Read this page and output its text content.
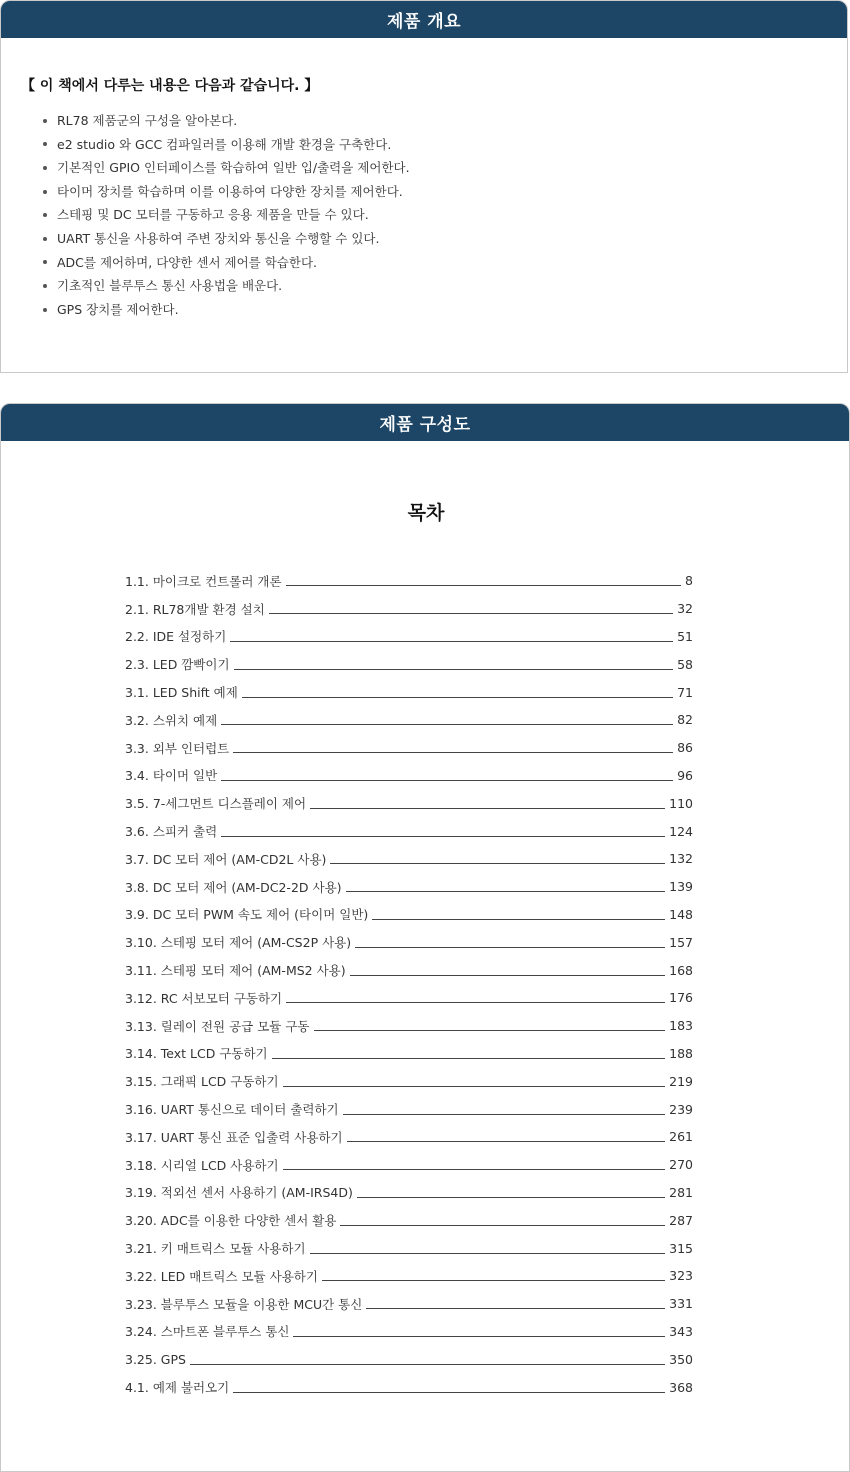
제품 개요
【 이 책에서 다루는 내용은 다음과 같습니다. 】
RL78 제품군의 구성을 알아본다.
e2 studio 와 GCC 컴파일러를 이용해 개발 환경을 구축한다.
기본적인 GPIO 인터페이스를 학습하여 일반 입/출력을 제어한다.
타이머 장치를 학습하며 이를 이용하여 다양한 장치를 제어한다.
스테핑 및 DC 모터를 구동하고 응용 제품을 만들 수 있다.
UART 통신을 사용하여 주변 장치와 통신을 수행할 수 있다.
ADC를 제어하며, 다양한 센서 제어를 학습한다.
기초적인 블루투스 통신 사용법을 배운다.
GPS 장치를 제어한다.
제품 구성도
목차
1.1. 마이크로 컨트롤러 개론	8
2.1. RL78개발 환경 설치	32
2.2. IDE 설정하기	51
2.3. LED 깜빡이기	58
3.1. LED Shift 예제	71
3.2. 스위치 예제	82
3.3. 외부 인터럽트	86
3.4. 타이머 일반	96
3.5. 7-세그먼트 디스플레이 제어	110
3.6. 스피커 출력	124
3.7. DC 모터 제어 (AM-CD2L 사용)	132
3.8. DC 모터 제어 (AM-DC2-2D 사용)	139
3.9. DC 모터 PWM 속도 제어 (타이머 일반)	148
3.10. 스테핑 모터 제어 (AM-CS2P 사용)	157
3.11. 스테핑 모터 제어 (AM-MS2 사용)	168
3.12. RC 서보모터 구동하기	176
3.13. 릴레이 전원 공급 모듈 구동	183
3.14. Text LCD 구동하기	188
3.15. 그래픽 LCD 구동하기	219
3.16. UART 통신으로 데이터 출력하기	239
3.17. UART 통신 표준 입출력 사용하기	261
3.18. 시리얼 LCD 사용하기	270
3.19. 적외선 센서 사용하기 (AM-IRS4D)	281
3.20. ADC를 이용한 다양한 센서 활용	287
3.21. 키 매트릭스 모듈 사용하기	315
3.22. LED 매트릭스 모듈 사용하기	323
3.23. 블루투스 모듈을 이용한 MCU간 통신	331
3.24. 스마트폰 블루투스 통신	343
3.25. GPS	350
4.1. 예제 불러오기	368
